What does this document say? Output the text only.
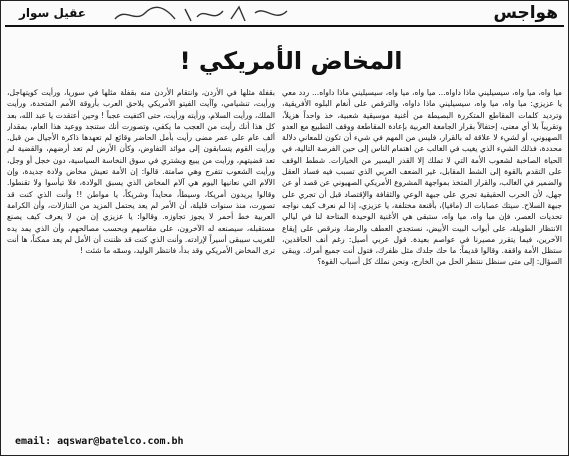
هواجس
عقيل سوار
المخاض الأمريكي !

ميا واه، ميا واه، سيسيليني ماذا داواه... ميا واه، ميا واه، سيسيليني ماذا داواه... ردد معي يا عزيزي: ميا واه، ميا واه، سيسيليني ماذا داواه، والترقص على أنغام البلوه الأفريقية، وترديد كلمات المقاطع المتكررة البصيطة من أغنية موسيقية شعبية، خذ واحداً هزيلاً، وتقريباً بلا أي معنى، إحتفالاً بقرار الجامعة العربية بإعادة المقاطعة ووقف التطبيع مع العدو الصهيوني، أو لشيء لا علاقة له بالقرار، فليس من المهم في شيء أن تكون للمعاني دلالة محددة، فذلك الشيء الذي يغيب في الغالب عن اهتمام الناس إلى حين الفرصة التالية، في الحياة الصاخبة لشعوب الأمة التي لا تملك إلا القدر اليسير من الخيارات. شطط الوقف على التقدم بالقوة إلى الشط المقابل، غير الضعف العربي الذي تسبب فيه فساد العقل والضمير في الغالب، والقرار المتخذ بمواجهة المشروع الأمريكي الصهيوني عن قصد أو عن جهل، لأن الحرب الحقيقية تجري على جبهة الوعي والثقافة والإقتصاد قبل أن تجري على جبهة السلاح. سيتك عصابات الـ (مافيا)، بأقنعة مختلفة، يا عزيزي، إذا لم نعرف كيف نواجه تحديات العصر، فإن ميا واه، ميا واه، ستبقى هي الأغنية الوحيدة المتاحة لنا في ليالي الانتظار الطويلة، على أبواب البيت الأبيض، نستجدي العطف والرضا، ونرقص على إيقاع الآخرين، فيما يتقرر مصيرنا في عواصم بعيدة. قول عربي أصيل: رغم أنف الحاقدين، ستظل الأمة واقفة. وقالوا قديماً: ما حك جلدك مثل ظفرك، فتول أنت جميع أمرك. ويبقى السؤال: إلى متى سنظل ننتظر الحل من الخارج، ونحن نملك كل أسباب القوة؟

بقفلة مثلها في الأردن، وانتقام الأردن منه بقفلة مثلها في سوريا، ورأيت كويتهاجل، ورأيت، تنشيامي، وآأيت الفيتو الأمريكي يلاحق العرب بأروقة الأمم المتحدة، ورأيت الملك، ورأيت السلام، ورأيته ورأيت، حتى اكتفيت عجباً ! وحين أعتقدت يا عبد الله، بعد كل هذا أنك رأيت من العجب ما يكفي، وتصورت أنك ستنجد ووعيد هذا العام، بمقدار ألف عام على عمر مضى رأيت بأمل الحاضر وقائع لم تعهدها ذاكرة الأجيال من قبل. ورأيت القوم يتسابقون إلى موائد التفاوض، وكأن الأرض لم تعد أرضهم، والقضية لم تعد قضيتهم، ورأيت من يبيع ويشتري في سوق النخاسة السياسية، دون خجل أو وجل، ورأيت الشعوب تتفرج وهي صامتة. قالوا: إن الأمة تعيش مخاض ولادة جديدة، وإن الآلام التي نعانيها اليوم هي آلام المخاض الذي يسبق الولادة، فلا تيأسوا ولا تقنطوا. وقالوا يريدون أمريكا، وسيطاً، محايداً وشريكاً، يا مواطن !! وأنت الذي كنت قد تصورت، منذ سنوات قليلة، أن الأمر لم يعد يحتمل المزيد من التنازلات، وأن الكرامة العربية خط أحمر لا يجوز تجاوزه. وقالوا: يا عزيزي إن من لا يعرف كيف يصنع مستقبله، سيصنعه له الآخرون، على مقاسهم وبحسب مصالحهم، وأن الذي يمد يده للغريب سيبقى أسيراً لإرادته. وأنت الذي كنت قد ظننت أن الأمل لم يعد ممكناً، ها أنت ترى المخاض الأمريكي وقد بدأ، فانتظر الوليد، وسمّه ما شئت !

email: aqswar@batelco.com.bh
